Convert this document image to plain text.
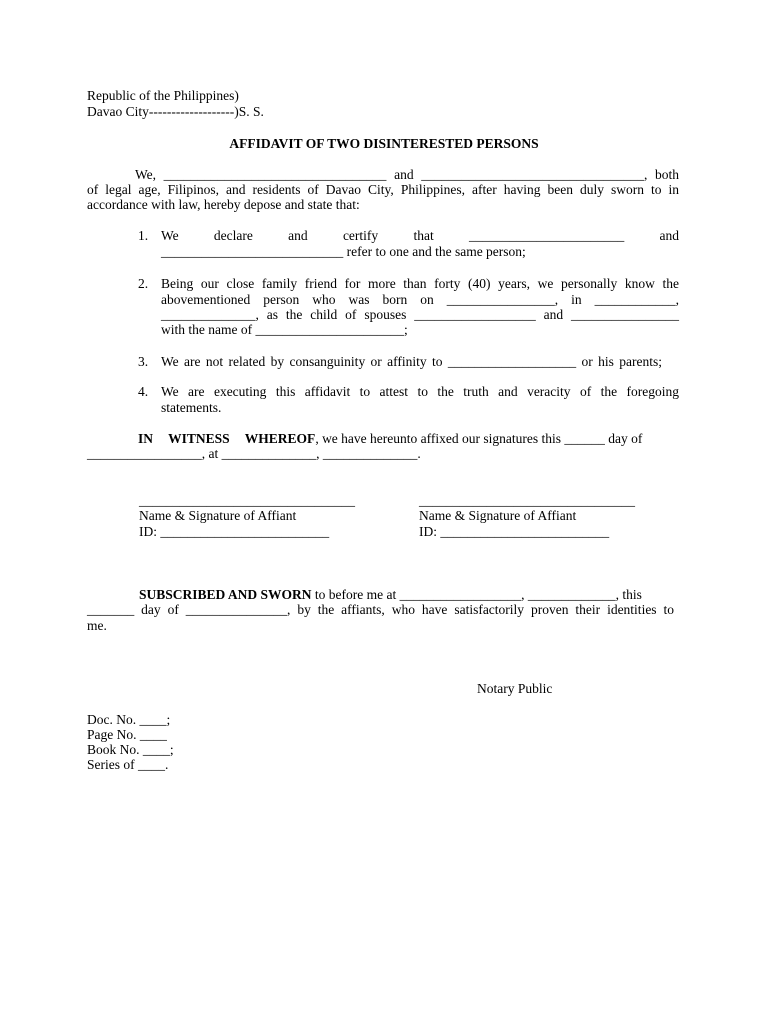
Republic of the Philippines)
Davao City-------------------)S. S.
AFFIDAVIT OF TWO DISINTERESTED PERSONS
We, _________________________________ and _________________________________, both
of legal age, Filipinos, and residents of Davao City, Philippines, after having been duly sworn to in
accordance with law, hereby depose and state that:
1. We declare and certify that _______________________ and
___________________________ refer to one and the same person;
2. Being our close family friend for more than forty (40) years, we personally know the
abovementioned person who was born on ________________, in ____________,
______________, as the child of spouses __________________ and ________________
with the name of ______________________;
3. We are not related by consanguinity or affinity to ___________________ or his parents;
4. We are executing this affidavit to attest to the truth and veracity of the foregoing
statements.
IN WITNESS WHEREOF, we have hereunto affixed our signatures this ______ day of
_________________, at ______________, ______________.
________________________________
Name & Signature of Affiant
ID: _________________________
________________________________
Name & Signature of Affiant
ID: _________________________
SUBSCRIBED AND SWORN to before me at __________________, _____________, this
_______ day of _______________, by the affiants, who have satisfactorily proven their identities to
me.
Notary Public
Doc. No. ____;
Page No. ____
Book No. ____;
Series of ____.
